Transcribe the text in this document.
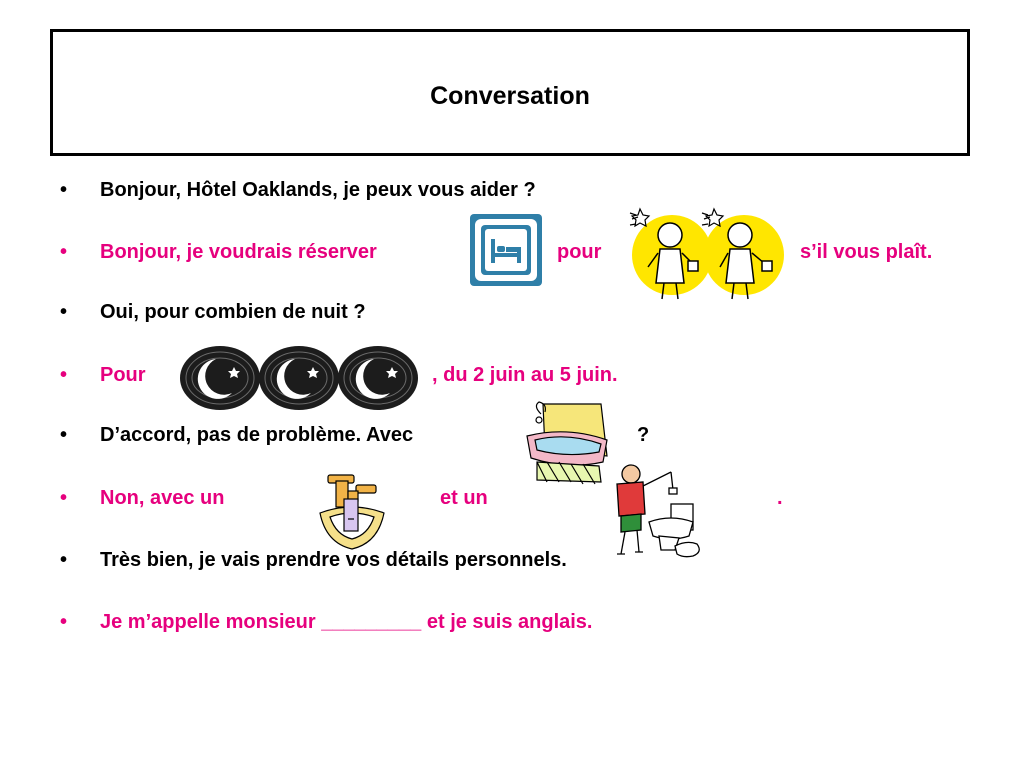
Conversation
• Bonjour, Hôtel Oaklands, je peux vous aider ?
• Bonjour, je voudrais réserver	pour	s’il vous plaît.
• Oui, pour combien de nuit ?
• Pour	, du 2 juin au 5 juin.
• D’accord, pas de problème. Avec	?
• Non, avec un	et un	.
• Très bien, je vais prendre vos détails personnels.
• Je m’appelle monsieur _________ et je suis anglais.
